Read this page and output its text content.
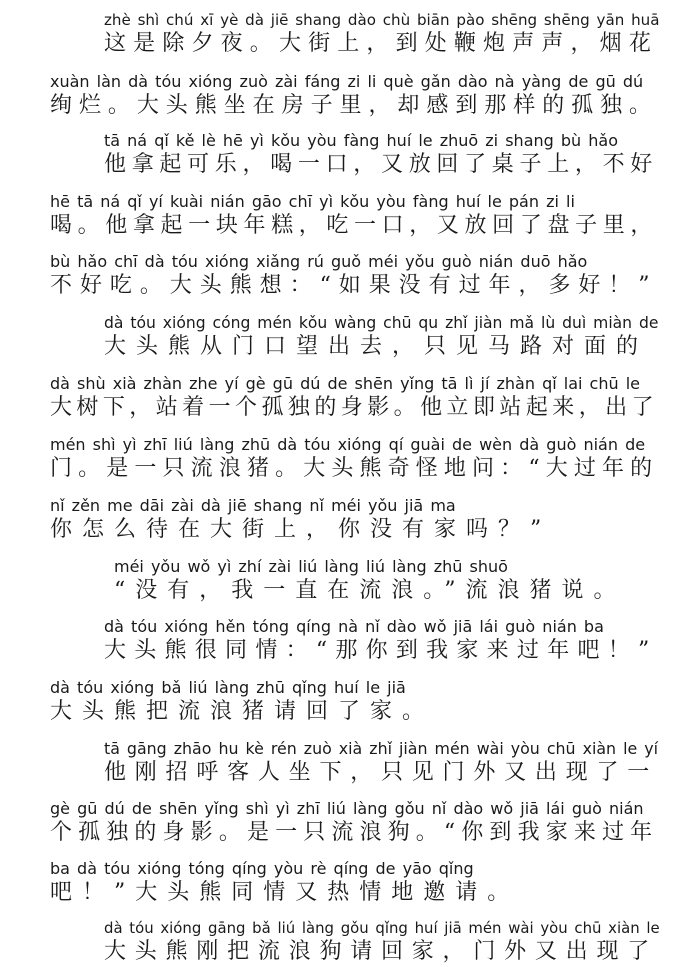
zhè shì chú xī yè dà jiē shang dào chù biān pào shēng shēng yān huā
这是除夕夜。大街上，到处鞭炮声声，烟花
xuàn làn dà tóu xióng zuò zài fáng zi li què gǎn dào nà yàng de gū dú
绚烂。大头熊坐在房子里，却感到那样的孤独。
tā ná qǐ kě lè hē yì kǒu yòu fàng huí le zhuō zi shang bù hǎo
他拿起可乐，喝一口，又放回了桌子上，不好
hē tā ná qǐ yí kuài nián gāo chī yì kǒu yòu fàng huí le pán zi li
喝。他拿起一块年糕，吃一口，又放回了盘子里，
bù hǎo chī dà tóu xióng xiǎng rú guǒ méi yǒu guò nián duō hǎo
不好吃。大头熊想：“如果没有过年，多好！”
dà tóu xióng cóng mén kǒu wàng chū qu zhǐ jiàn mǎ lù duì miàn de
大头熊从门口望出去，只见马路对面的
dà shù xià zhàn zhe yí gè gū dú de shēn yǐng tā lì jí zhàn qǐ lai chū le
大树下，站着一个孤独的身影。他立即站起来，出了
mén shì yì zhī liú làng zhū dà tóu xióng qí guài de wèn dà guò nián de
门。是一只流浪猪。大头熊奇怪地问：“大过年的
nǐ zěn me dāi zài dà jiē shang nǐ méi yǒu jiā ma
你怎么待在大街上，你没有家吗？”
méi yǒu wǒ yì zhí zài liú làng liú làng zhū shuō
“没有，我一直在流浪。”流浪猪说。
dà tóu xióng hěn tóng qíng nà nǐ dào wǒ jiā lái guò nián ba
大头熊很同情：“那你到我家来过年吧！”
dà tóu xióng bǎ liú làng zhū qǐng huí le jiā
大头熊把流浪猪请回了家。
tā gāng zhāo hu kè rén zuò xià zhǐ jiàn mén wài yòu chū xiàn le yí
他刚招呼客人坐下，只见门外又出现了一
gè gū dú de shēn yǐng shì yì zhī liú làng gǒu nǐ dào wǒ jiā lái guò nián
个孤独的身影。是一只流浪狗。“你到我家来过年
ba dà tóu xióng tóng qíng yòu rè qíng de yāo qǐng
吧！”大头熊同情又热情地邀请。
dà tóu xióng gāng bǎ liú làng gǒu qǐng huí jiā mén wài yòu chū xiàn le
大头熊刚把流浪狗请回家，门外又出现了
